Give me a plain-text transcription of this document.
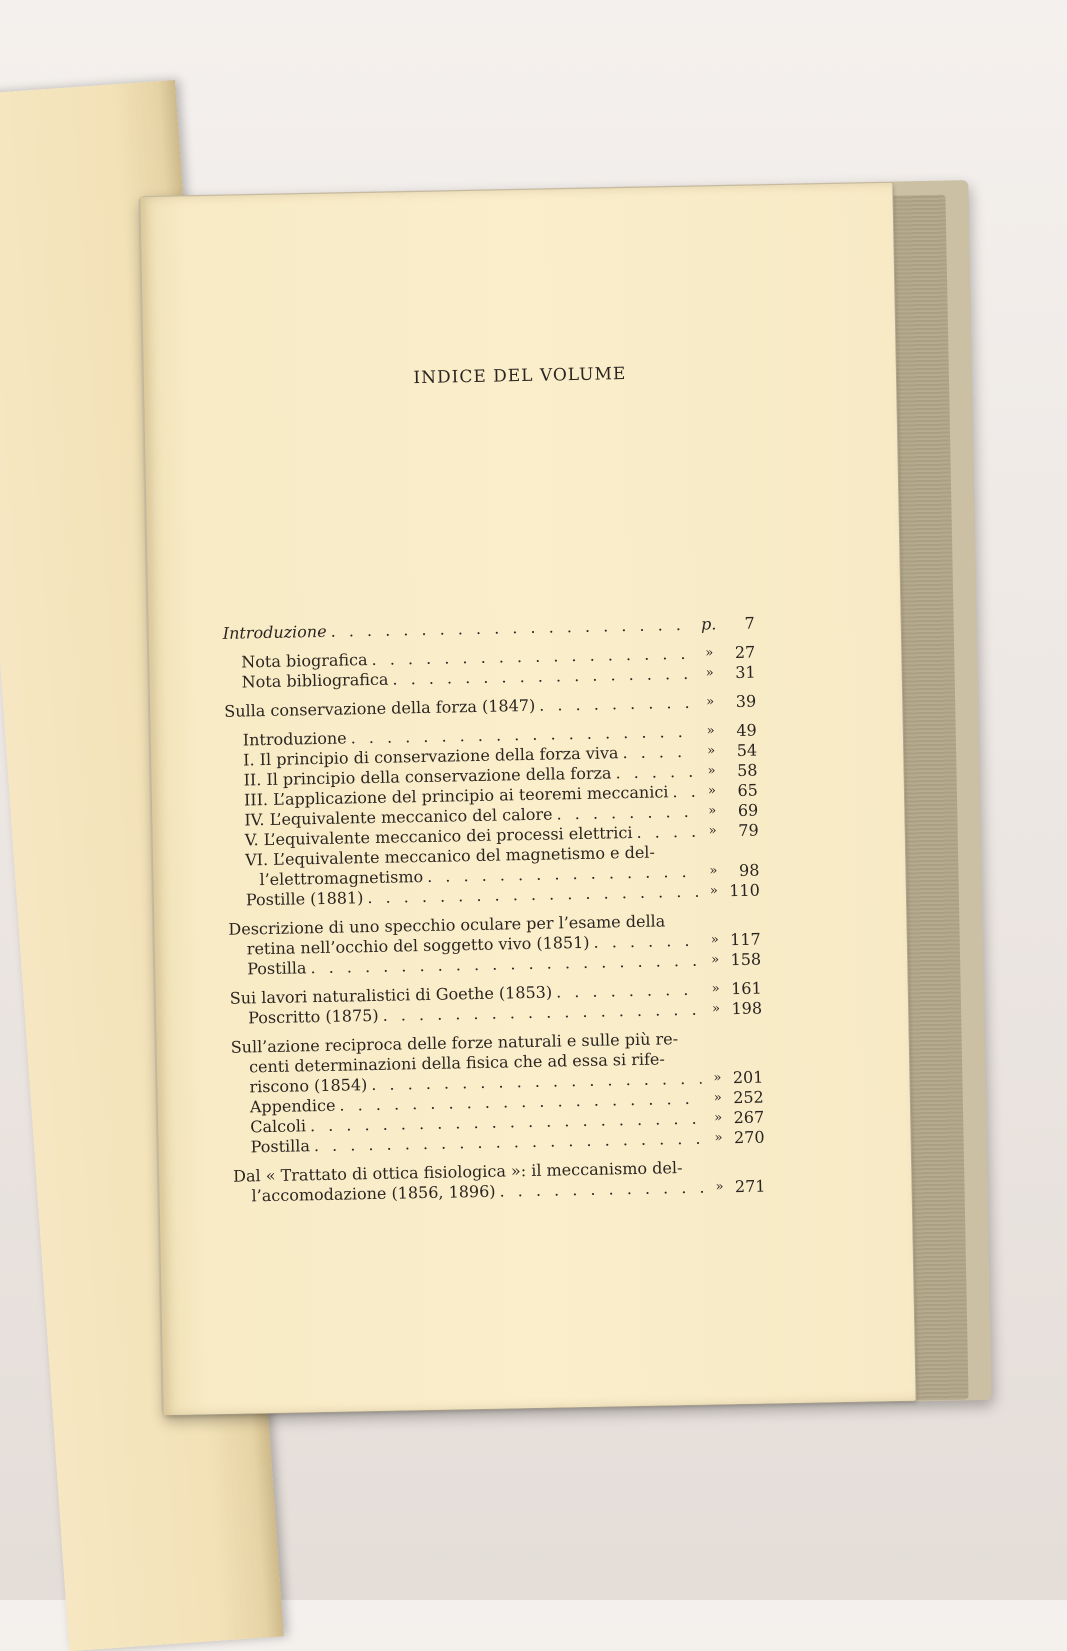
INDICE DEL VOLUME
Introduzione . . .	p.	7
Nota biografica . . .	»	27
Nota bibliografica . . .	»	31
Sulla conservazione della forza (1847) . . .	»	39
Introduzione . . .	»	49
I. Il principio di conservazione della forza viva . . .	»	54
II. Il principio della conservazione della forza . . .	»	58
III. L’applicazione del principio ai teoremi meccanici . . .	»	65
IV. L’equivalente meccanico del calore . . .	»	69
V. L’equivalente meccanico dei processi elettrici . . .	»	79
VI. L’equivalente meccanico del magnetismo e del-
l’elettromagnetismo . . .	»	98
Postille (1881) . . .	» 110
Descrizione di uno specchio oculare per l’esame della
retina nell’occhio del soggetto vivo (1851) . . .	» 117
Postilla . . .	» 158
Sui lavori naturalistici di Goethe (1853) . . .	» 161
Poscritto (1875) . . .	» 198
Sull’azione reciproca delle forze naturali e sulle più re-
centi determinazioni della fisica che ad essa si rife-
riscono (1854) . . .	» 201
Appendice . . .	» 252
Calcoli . . .	» 267
Postilla . . .	» 270
Dal « Trattato di ottica fisiologica »: il meccanismo del-
l’accomodazione (1856, 1896) . . .	» 271
